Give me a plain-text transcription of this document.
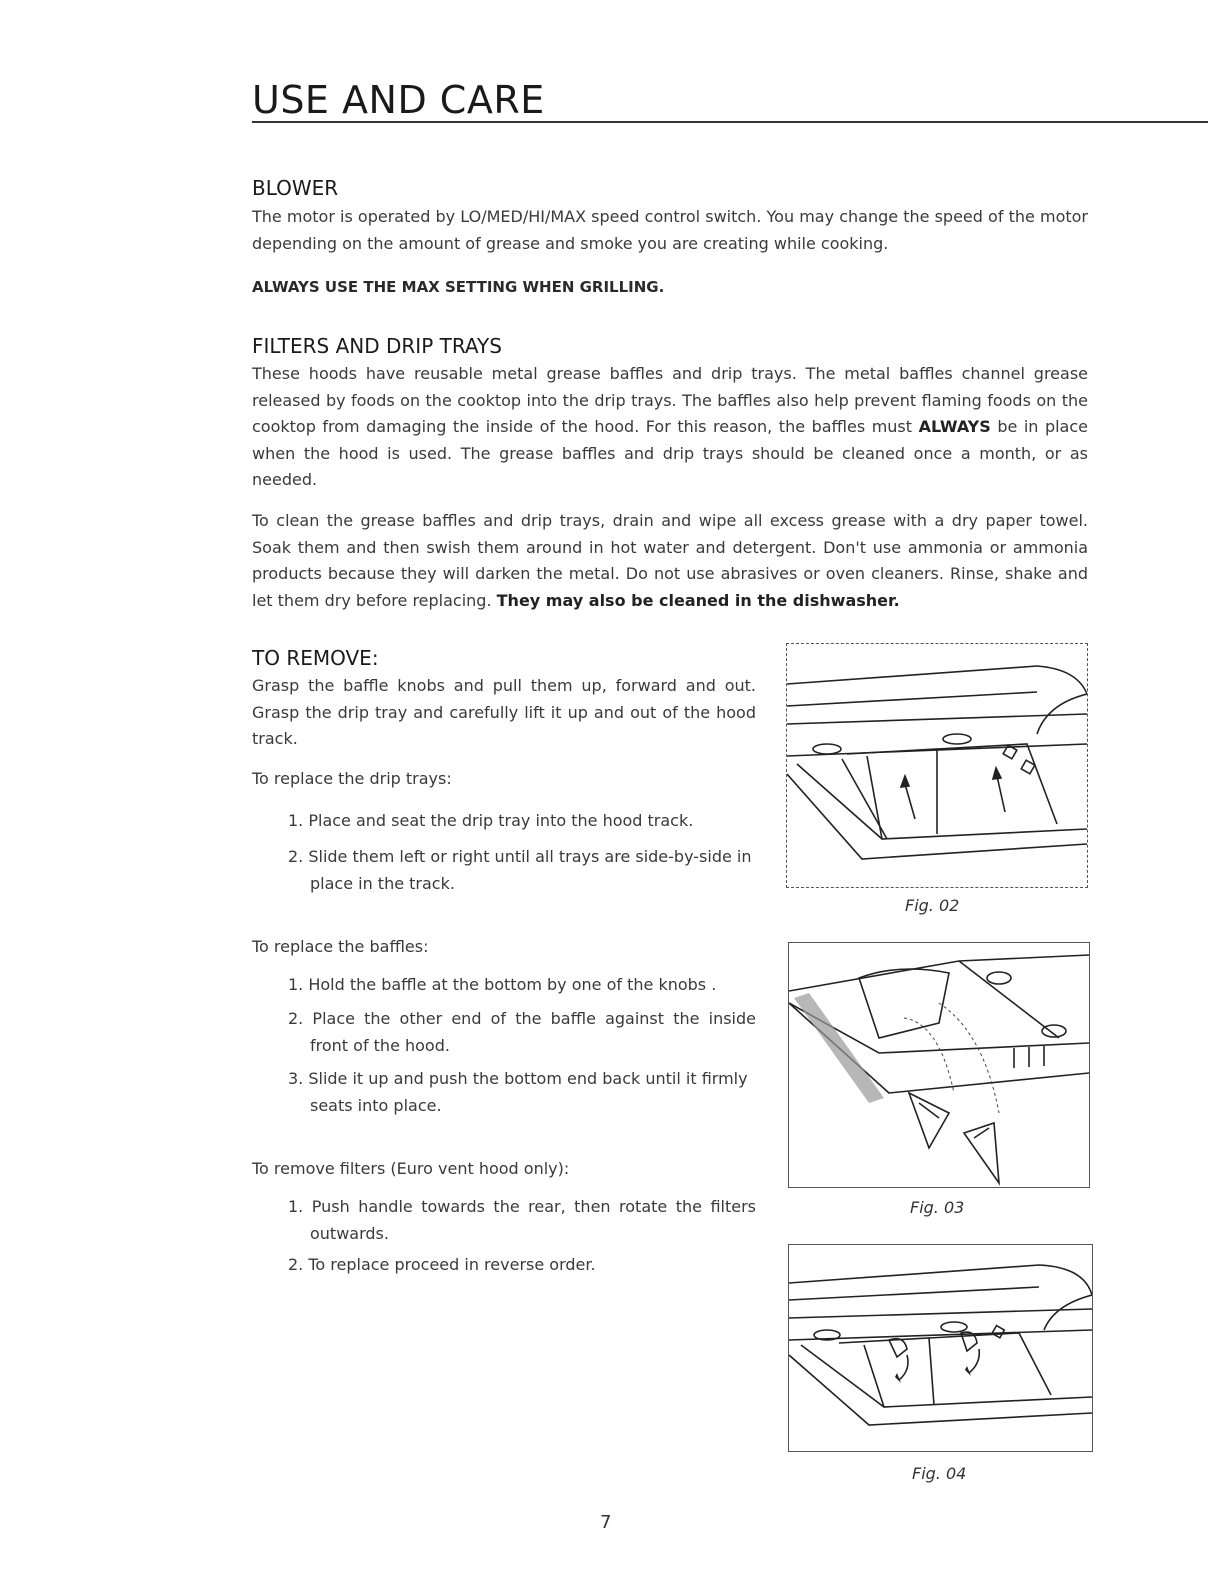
USE AND CARE
BLOWER

The motor is operated by LO/MED/HI/MAX speed control switch. You may change the speed of the motor depending on the amount of grease and smoke you are creating while cooking.

ALWAYS USE THE MAX SETTING WHEN GRILLING.

FILTERS AND DRIP TRAYS

These hoods have reusable metal grease baffles and drip trays. The metal baffles channel grease released by foods on the cooktop into the drip trays. The baffles also help prevent flaming foods on the cooktop from damaging the inside of the hood. For this reason, the baffles must ALWAYS be in place when the hood is used. The grease baffles and drip trays should be cleaned once a month, or as needed.

To clean the grease baffles and drip trays, drain and wipe all excess grease with a dry paper towel. Soak them and then swish them around in hot water and detergent. Don't use ammonia or ammonia products because they will darken the metal. Do not use abrasives or oven cleaners. Rinse, shake and let them dry before replacing. They may also be cleaned in the dishwasher.

TO REMOVE:

Grasp the baffle knobs and pull them up, forward and out. Grasp the drip tray and carefully lift it up and out of the hood track.

To replace the drip trays:

1. Place and seat the drip tray into the hood track.

2. Slide them left or right until all trays are side-by-side in place in the track.

To replace the baffles:

1. Hold the baffle at the bottom by one of the knobs .

2. Place the other end of the baffle against the inside front of the hood.

3. Slide it up and push the bottom end back until it firmly seats into place.

To remove filters (Euro vent hood only):

1. Push handle towards the rear, then rotate the filters outwards.

2. To replace proceed in reverse order.

Fig. 02
Fig. 03
Fig. 04
7
